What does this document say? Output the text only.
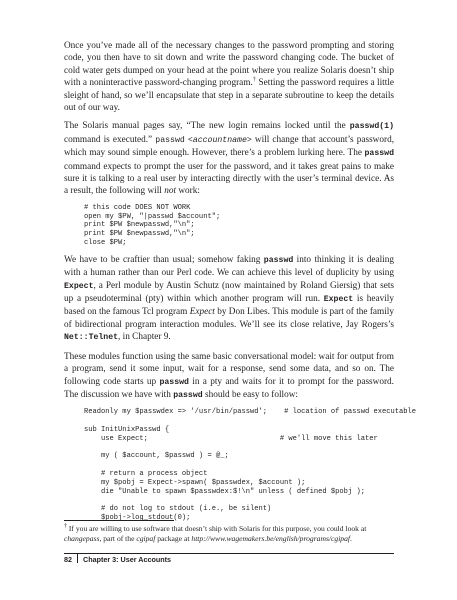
Once you’ve made all of the necessary changes to the password prompting and storing code, you then have to sit down and write the password changing code. The bucket of cold water gets dumped on your head at the point where you realize Solaris doesn’t ship with a noninteractive password-changing program.† Setting the password requires a little sleight of hand, so we’ll encapsulate that step in a separate subroutine to keep the details out of our way.

The Solaris manual pages say, “The new login remains locked until the passwd(1) command is executed.” passwd <accountname> will change that account’s password, which may sound simple enough. However, there’s a problem lurking here. The passwd command expects to prompt the user for the password, and it takes great pains to make sure it is talking to a real user by interacting directly with the user’s terminal device. As a result, the following will not work:

# this code DOES NOT WORK
open my $PW, "|passwd $account";
print $PW $newpasswd,"\n";
print $PW $newpasswd,"\n";
close $PW;

We have to be craftier than usual; somehow faking passwd into thinking it is dealing with a human rather than our Perl code. We can achieve this level of duplicity by using Expect, a Perl module by Austin Schutz (now maintained by Roland Giersig) that sets up a pseudoterminal (pty) within which another program will run. Expect is heavily based on the famous Tcl program Expect by Don Libes. This module is part of the family of bidirectional program interaction modules. We’ll see its close relative, Jay Rogers’s Net::Telnet, in Chapter 9.

These modules function using the same basic conversational model: wait for output from a program, send it some input, wait for a response, send some data, and so on. The following code starts up passwd in a pty and waits for it to prompt for the password. The discussion we have with passwd should be easy to follow:

Readonly my $passwdex => '/usr/bin/passwd';    # location of passwd executable
sub InitUnixPasswd {
use Expect;                               # we'll move this later
my ( $account, $passwd ) = @_;
# return a process object
my $pobj = Expect->spawn( $passwdex, $account );
die "Unable to spawn $passwdex:$!\n" unless ( defined $pobj );
# do not log to stdout (i.e., be silent)
$pobj->log_stdout(0);
† If you are willing to use software that doesn’t ship with Solaris for this purpose, you could look at changepass, part of the cgipaf package at http://www.wagemakers.be/english/programs/cgipaf.
82 Chapter 3: User Accounts
